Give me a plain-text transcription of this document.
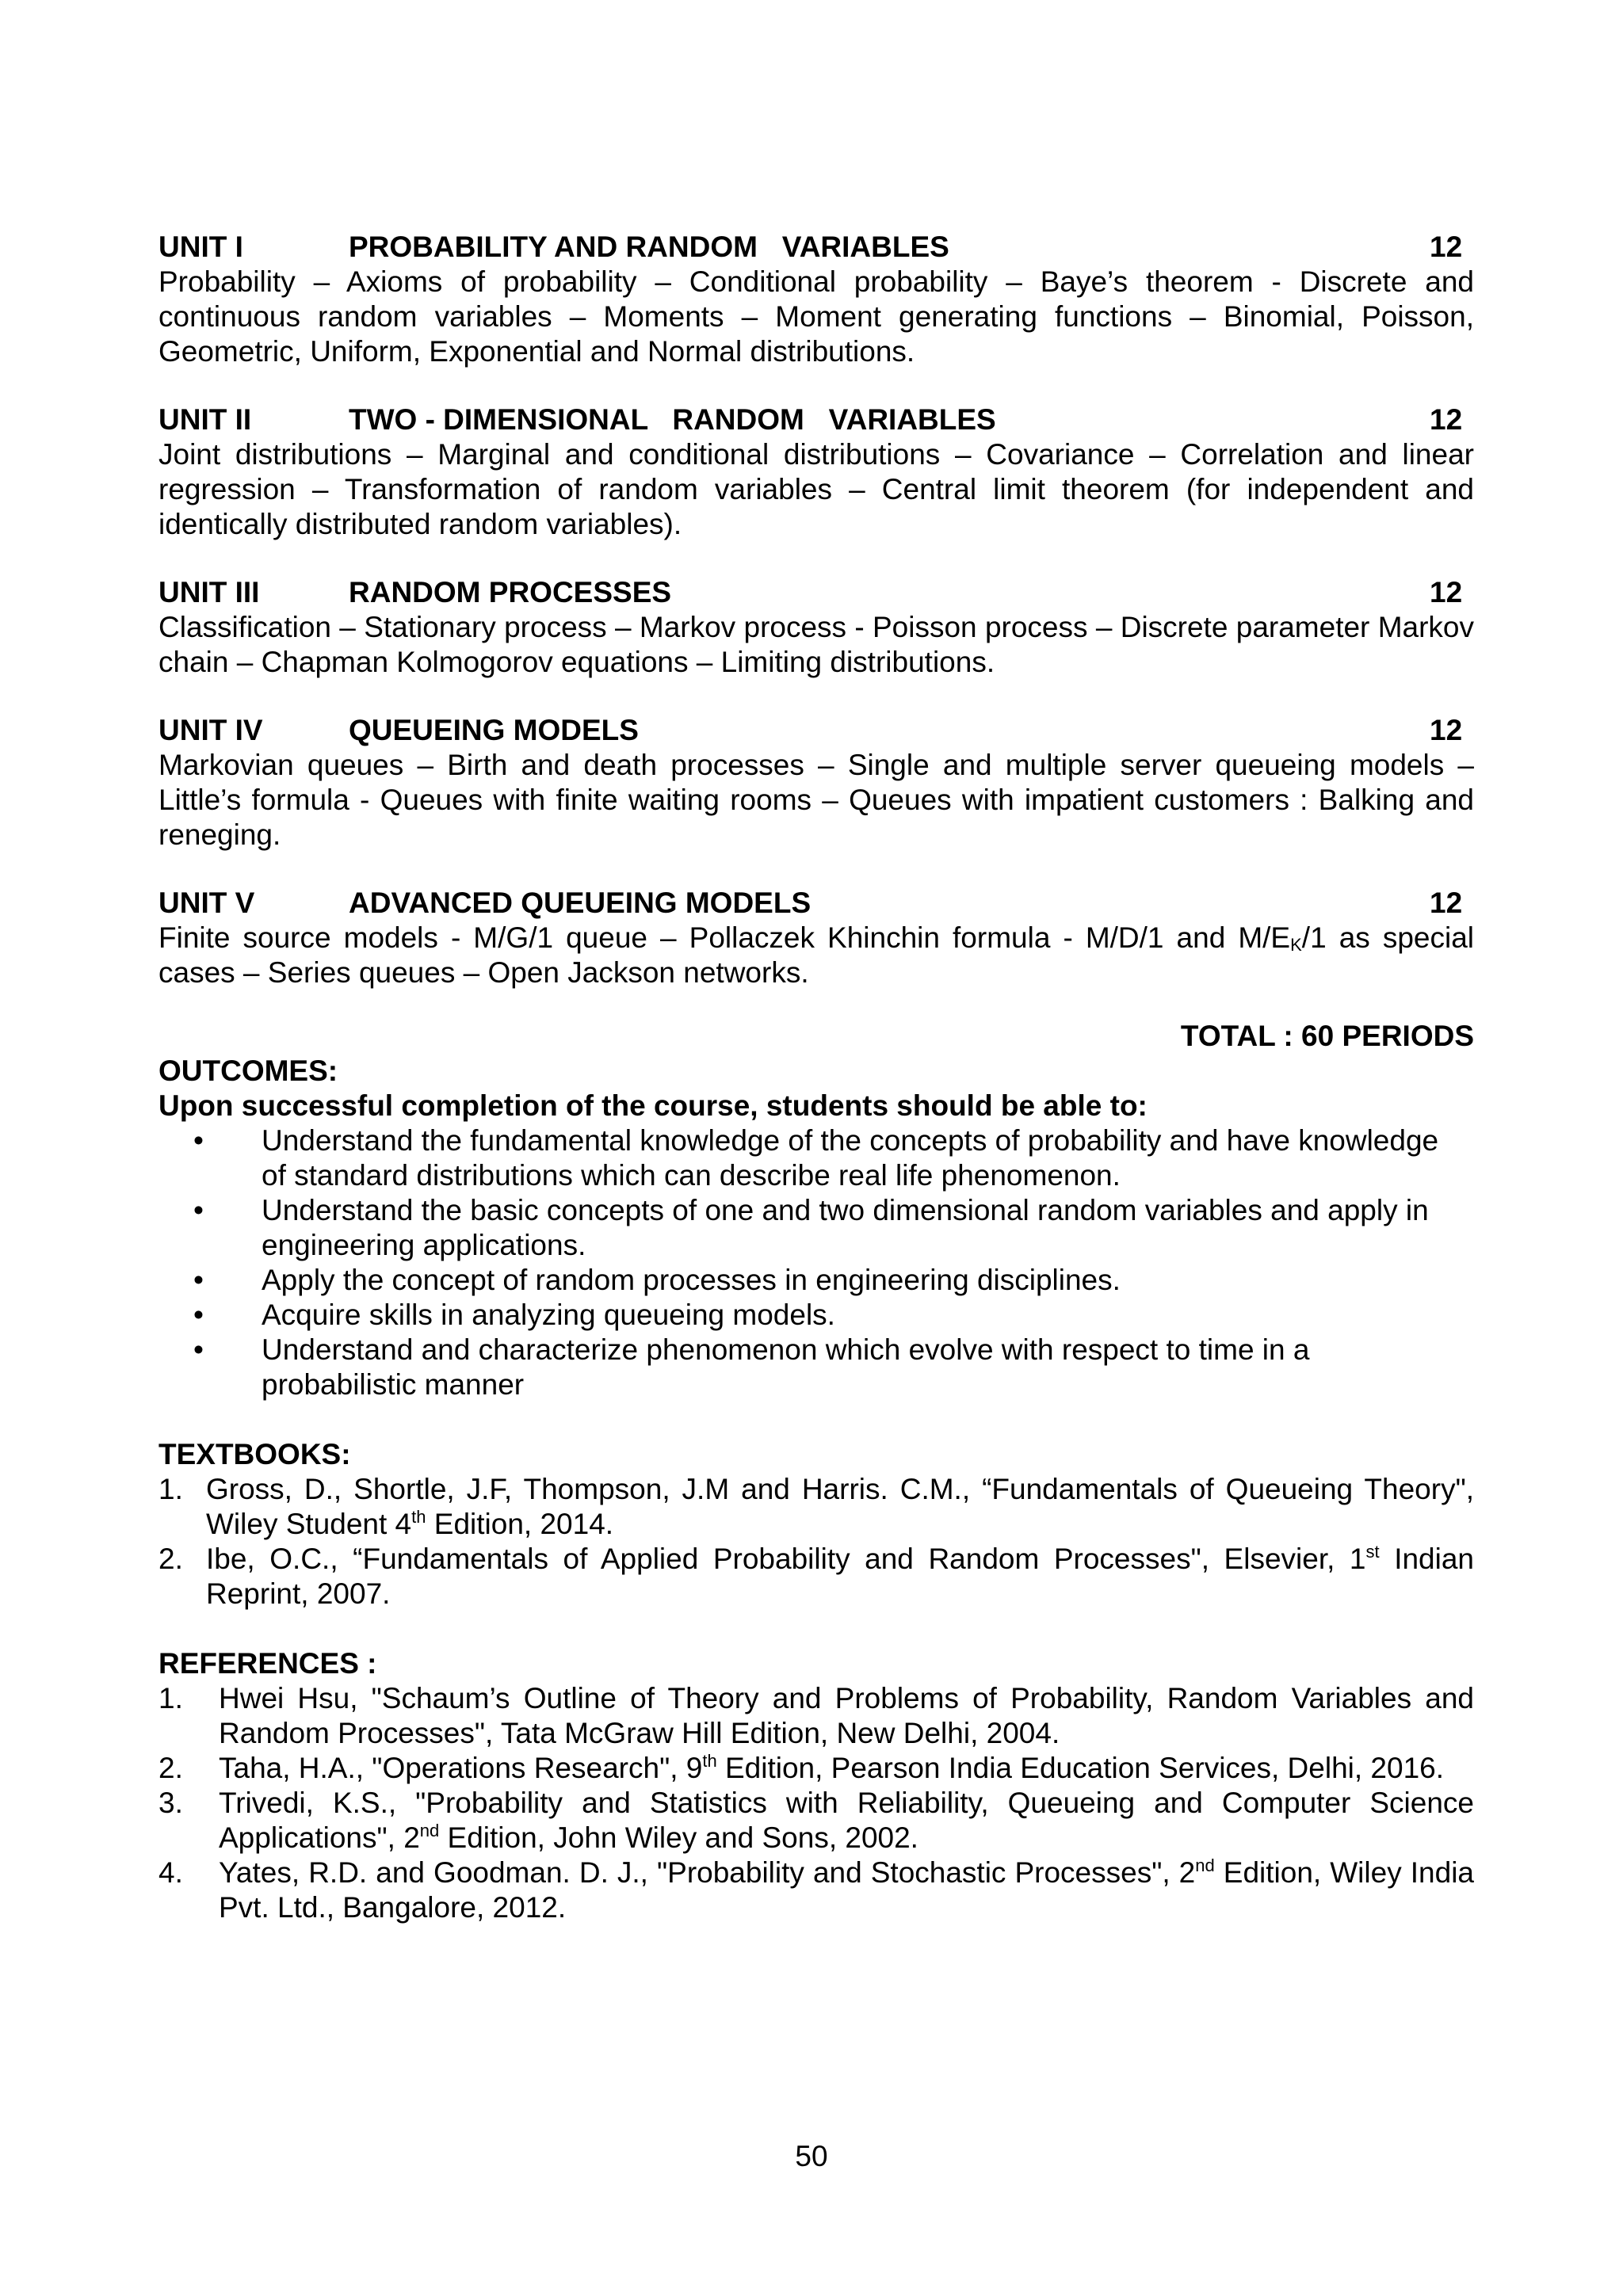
UNIT I	PROBABILITY AND RANDOM   VARIABLES	12
Probability – Axioms of probability – Conditional probability – Baye’s theorem - Discrete and continuous random variables – Moments – Moment generating functions – Binomial, Poisson, Geometric, Uniform, Exponential and Normal distributions.
UNIT II	TWO - DIMENSIONAL   RANDOM   VARIABLES	12
Joint distributions – Marginal and conditional distributions – Covariance – Correlation and linear regression – Transformation of random variables – Central limit theorem (for independent and identically distributed random variables).
UNIT III	RANDOM PROCESSES	12
Classification – Stationary process – Markov process - Poisson process – Discrete parameter Markov chain – Chapman Kolmogorov equations – Limiting distributions.
UNIT IV	QUEUEING MODELS	12
Markovian queues – Birth and death processes – Single and multiple server queueing models – Little’s formula - Queues with finite waiting rooms – Queues with impatient customers : Balking and reneging.
UNIT V	ADVANCED QUEUEING MODELS	12
Finite source models - M/G/1 queue – Pollaczek Khinchin formula - M/D/1 and $M/E_K/1$ as special cases – Series queues – Open Jackson networks.
TOTAL : 60 PERIODS
OUTCOMES:
Upon successful completion of the course, students should be able to:
• Understand the fundamental knowledge of the concepts of probability and have knowledge of standard distributions which can describe real life phenomenon.
• Understand the basic concepts of one and two dimensional random variables and apply in engineering applications.
• Apply the concept of random processes in engineering disciplines.
• Acquire skills in analyzing queueing models.
• Understand and characterize phenomenon which evolve with respect to time in a probabilistic manner
TEXTBOOKS:
1. Gross, D., Shortle, J.F, Thompson, J.M and Harris. C.M., “Fundamentals of Queueing Theory", Wiley Student 4th Edition, 2014.
2. Ibe, O.C., “Fundamentals of Applied Probability and Random Processes", Elsevier, 1st Indian Reprint, 2007.
REFERENCES :
1. Hwei Hsu, "Schaum’s Outline of Theory and Problems of Probability, Random Variables and Random Processes", Tata McGraw Hill Edition, New Delhi, 2004.
2. Taha, H.A., "Operations Research", 9th Edition, Pearson India Education Services, Delhi, 2016.
3. Trivedi, K.S., "Probability and Statistics with Reliability, Queueing and Computer Science Applications", 2nd Edition, John Wiley and Sons, 2002.
4. Yates, R.D. and Goodman. D. J., "Probability and Stochastic Processes", 2nd Edition, Wiley India Pvt. Ltd., Bangalore, 2012.
50
